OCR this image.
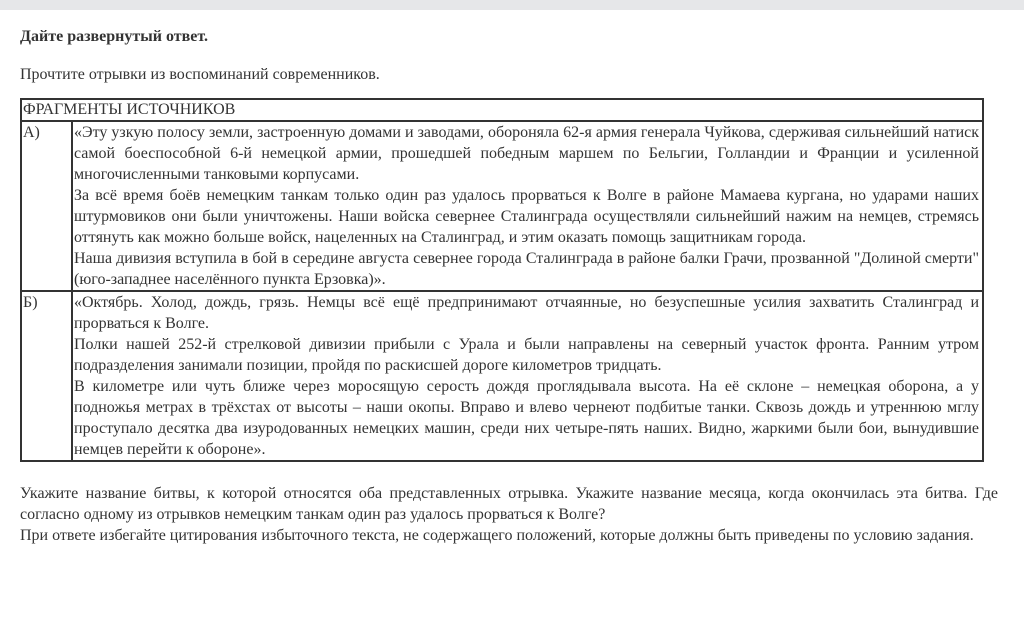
Дайте развернутый ответ.
Прочтите отрывки из воспоминаний современников.
ФРАГМЕНТЫ ИСТОЧНИКОВ	
А)	«Эту узкую полосу земли, застроенную домами и заводами, обороняла 62-я армия генерала Чуйкова, сдерживая сильнейший натиск самой боеспособной 6-й немецкой армии, прошедшей победным маршем по Бельгии, Голландии и Франции и усиленной многочисленными танковыми корпусами.

За всё время боёв немецким танкам только один раз удалось прорваться к Волге в районе Мамаева кургана, но ударами наших штурмовиков они были уничтожены. Наши войска севернее Сталинграда осуществляли сильнейший нажим на немцев, стремясь оттянуть как можно больше войск, нацеленных на Сталинград, и этим оказать помощь защитникам города.

Наша дивизия вступила в бой в середине августа севернее города Сталинграда в районе балки Грачи, прозванной "Долиной смерти" (юго-западнее населённого пункта Ерзовка)».

Б)	«Октябрь. Холод, дождь, грязь. Немцы всё ещё предпринимают отчаянные, но безуспешные усилия захватить Сталинград и прорваться к Волге.

Полки нашей 252-й стрелковой дивизии прибыли с Урала и были направлены на северный участок фронта. Ранним утром подразделения занимали позиции, пройдя по раскисшей дороге километров тридцать.

В километре или чуть ближе через моросящую серость дождя проглядывала высота. На её склоне – немецкая оборона, а у подножья метрах в трёхстах от высоты – наши окопы. Вправо и влево чернеют подбитые танки. Сквозь дождь и утреннюю мглу проступало десятка два изуродованных немецких машин, среди них четыре-пять наших. Видно, жаркими были бои, вынудившие немцев перейти к обороне».

Укажите название битвы, к которой относятся оба представленных отрывка. Укажите название месяца, когда окончилась эта битва. Где согласно одному из отрывков немецким танкам один раз удалось прорваться к Волге?

При ответе избегайте цитирования избыточного текста, не содержащего положений, которые должны быть приведены по условию задания.
